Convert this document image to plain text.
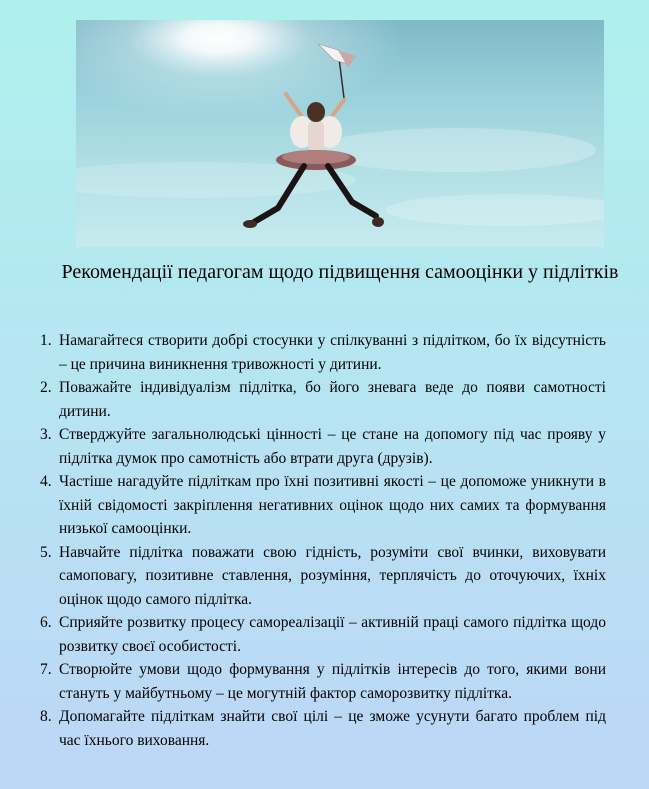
Рекомендації педагогам щодо підвищення самооцінки у підлітків
1. Намагайтеся створити добрі стосунки у спілкуванні з підлітком, бо їх відсутність – це причина виникнення тривожності у дитини.
2. Поважайте індивідуалізм підлітка, бо його зневага веде до появи самотності дитини.
3. Стверджуйте загальнолюдські цінності – це стане на допомогу під час прояву у підлітка думок про самотність або втрати друга (друзів).
4. Частіше нагадуйте підліткам про їхні позитивні якості – це допоможе уникнути в їхній свідомості закріплення негативних оцінок щодо них самих та формування низької самооцінки.
5. Навчайте підлітка поважати свою гідність, розуміти свої вчинки, виховувати самоповагу, позитивне ставлення, розуміння, терплячість до оточуючих, їхніх оцінок щодо самого підлітка.
6. Сприяйте розвитку процесу самореалізації – активній праці самого підлітка щодо розвитку своєї особистості.
7. Створюйте умови щодо формування у підлітків інтересів до того, якими вони стануть у майбутньому – це могутній фактор саморозвитку підлітка.
8. Допомагайте підліткам знайти свої цілі – це зможе усунути багато проблем під час їхнього виховання.
